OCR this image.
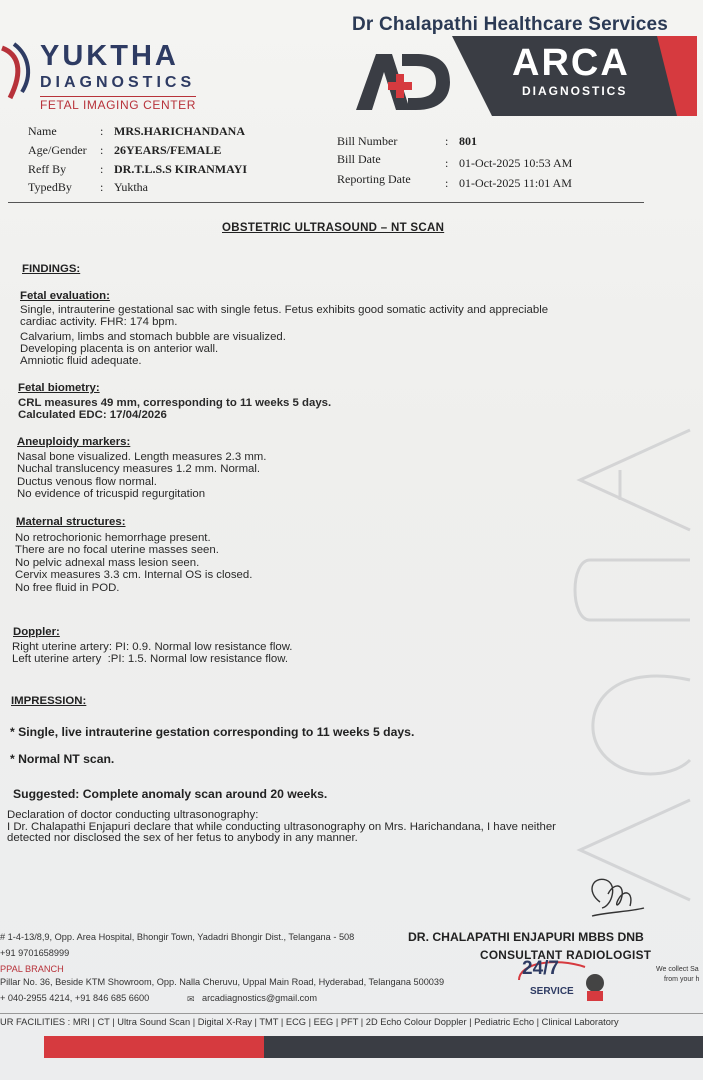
Dr Chalapathi Healthcare Services
YUKTHA
DIAGNOSTICS
FETAL IMAGING CENTER
ARCA
DIAGNOSTICS
Name	: MRS.HARICHANDANA
Age/Gender : 26YEARS/FEMALE
Reff By	: DR.T.L.S.S KIRANMAYI
TypedBy : Yuktha
Bill Number	: 801
Bill Date	: 01-Oct-2025 10:53 AM
Reporting Date	: 01-Oct-2025 11:01 AM
OBSTETRIC ULTRASOUND – NT SCAN
FINDINGS:
Fetal evaluation:
Single, intrauterine gestational sac with single fetus. Fetus exhibits good somatic activity and appreciable
cardiac activity. FHR: 174 bpm.
Calvarium, limbs and stomach bubble are visualized.
Developing placenta is on anterior wall.
Amniotic fluid adequate.
Fetal biometry:
CRL measures 49 mm, corresponding to 11 weeks 5 days.
Calculated EDC: 17/04/2026
Aneuploidy markers:
Nasal bone visualized. Length measures 2.3 mm.
Nuchal translucency measures 1.2 mm. Normal.
Ductus venous flow normal.
No evidence of tricuspid regurgitation
Maternal structures:
No retrochorionic hemorrhage present.
There are no focal uterine masses seen.
No pelvic adnexal mass lesion seen.
Cervix measures 3.3 cm. Internal OS is closed.
No free fluid in POD.
Doppler:
Right uterine artery: PI: 0.9. Normal low resistance flow.
Left uterine artery  :PI: 1.5. Normal low resistance flow.
IMPRESSION:
* Single, live intrauterine gestation corresponding to 11 weeks 5 days.
* Normal NT scan.
Suggested: Complete anomaly scan around 20 weeks.
Declaration of doctor conducting ultrasonography:
I Dr. Chalapathi Enjapuri declare that while conducting ultrasonography on Mrs. Harichandana, I have neither
detected nor disclosed the sex of her fetus to anybody in any manner.
# 1-4-13/8,9, Opp. Area Hospital, Bhongir Town, Yadadri Bhongir Dist., Telangana - 508	DR. CHALAPATHI ENJAPURI MBBS DNB
+91 9701658999	CONSULTANT RADIOLOGIST
PPAL BRANCH
Pillar No. 36, Beside KTM Showroom, Opp. Nalla Cheruvu, Uppal Main Road, Hyderabad, Telangana 500039
+ 040-2955 4214, +91 846 685 6600	✉ arcadiagnostics@gmail.com
24/7
SERVICE
We collect Sa
from your h
UR FACILITIES : MRI | CT | Ultra Sound Scan | Digital X-Ray | TMT | ECG | EEG | PFT | 2D Echo Colour Doppler | Pediatric Echo | Clinical Laboratory
